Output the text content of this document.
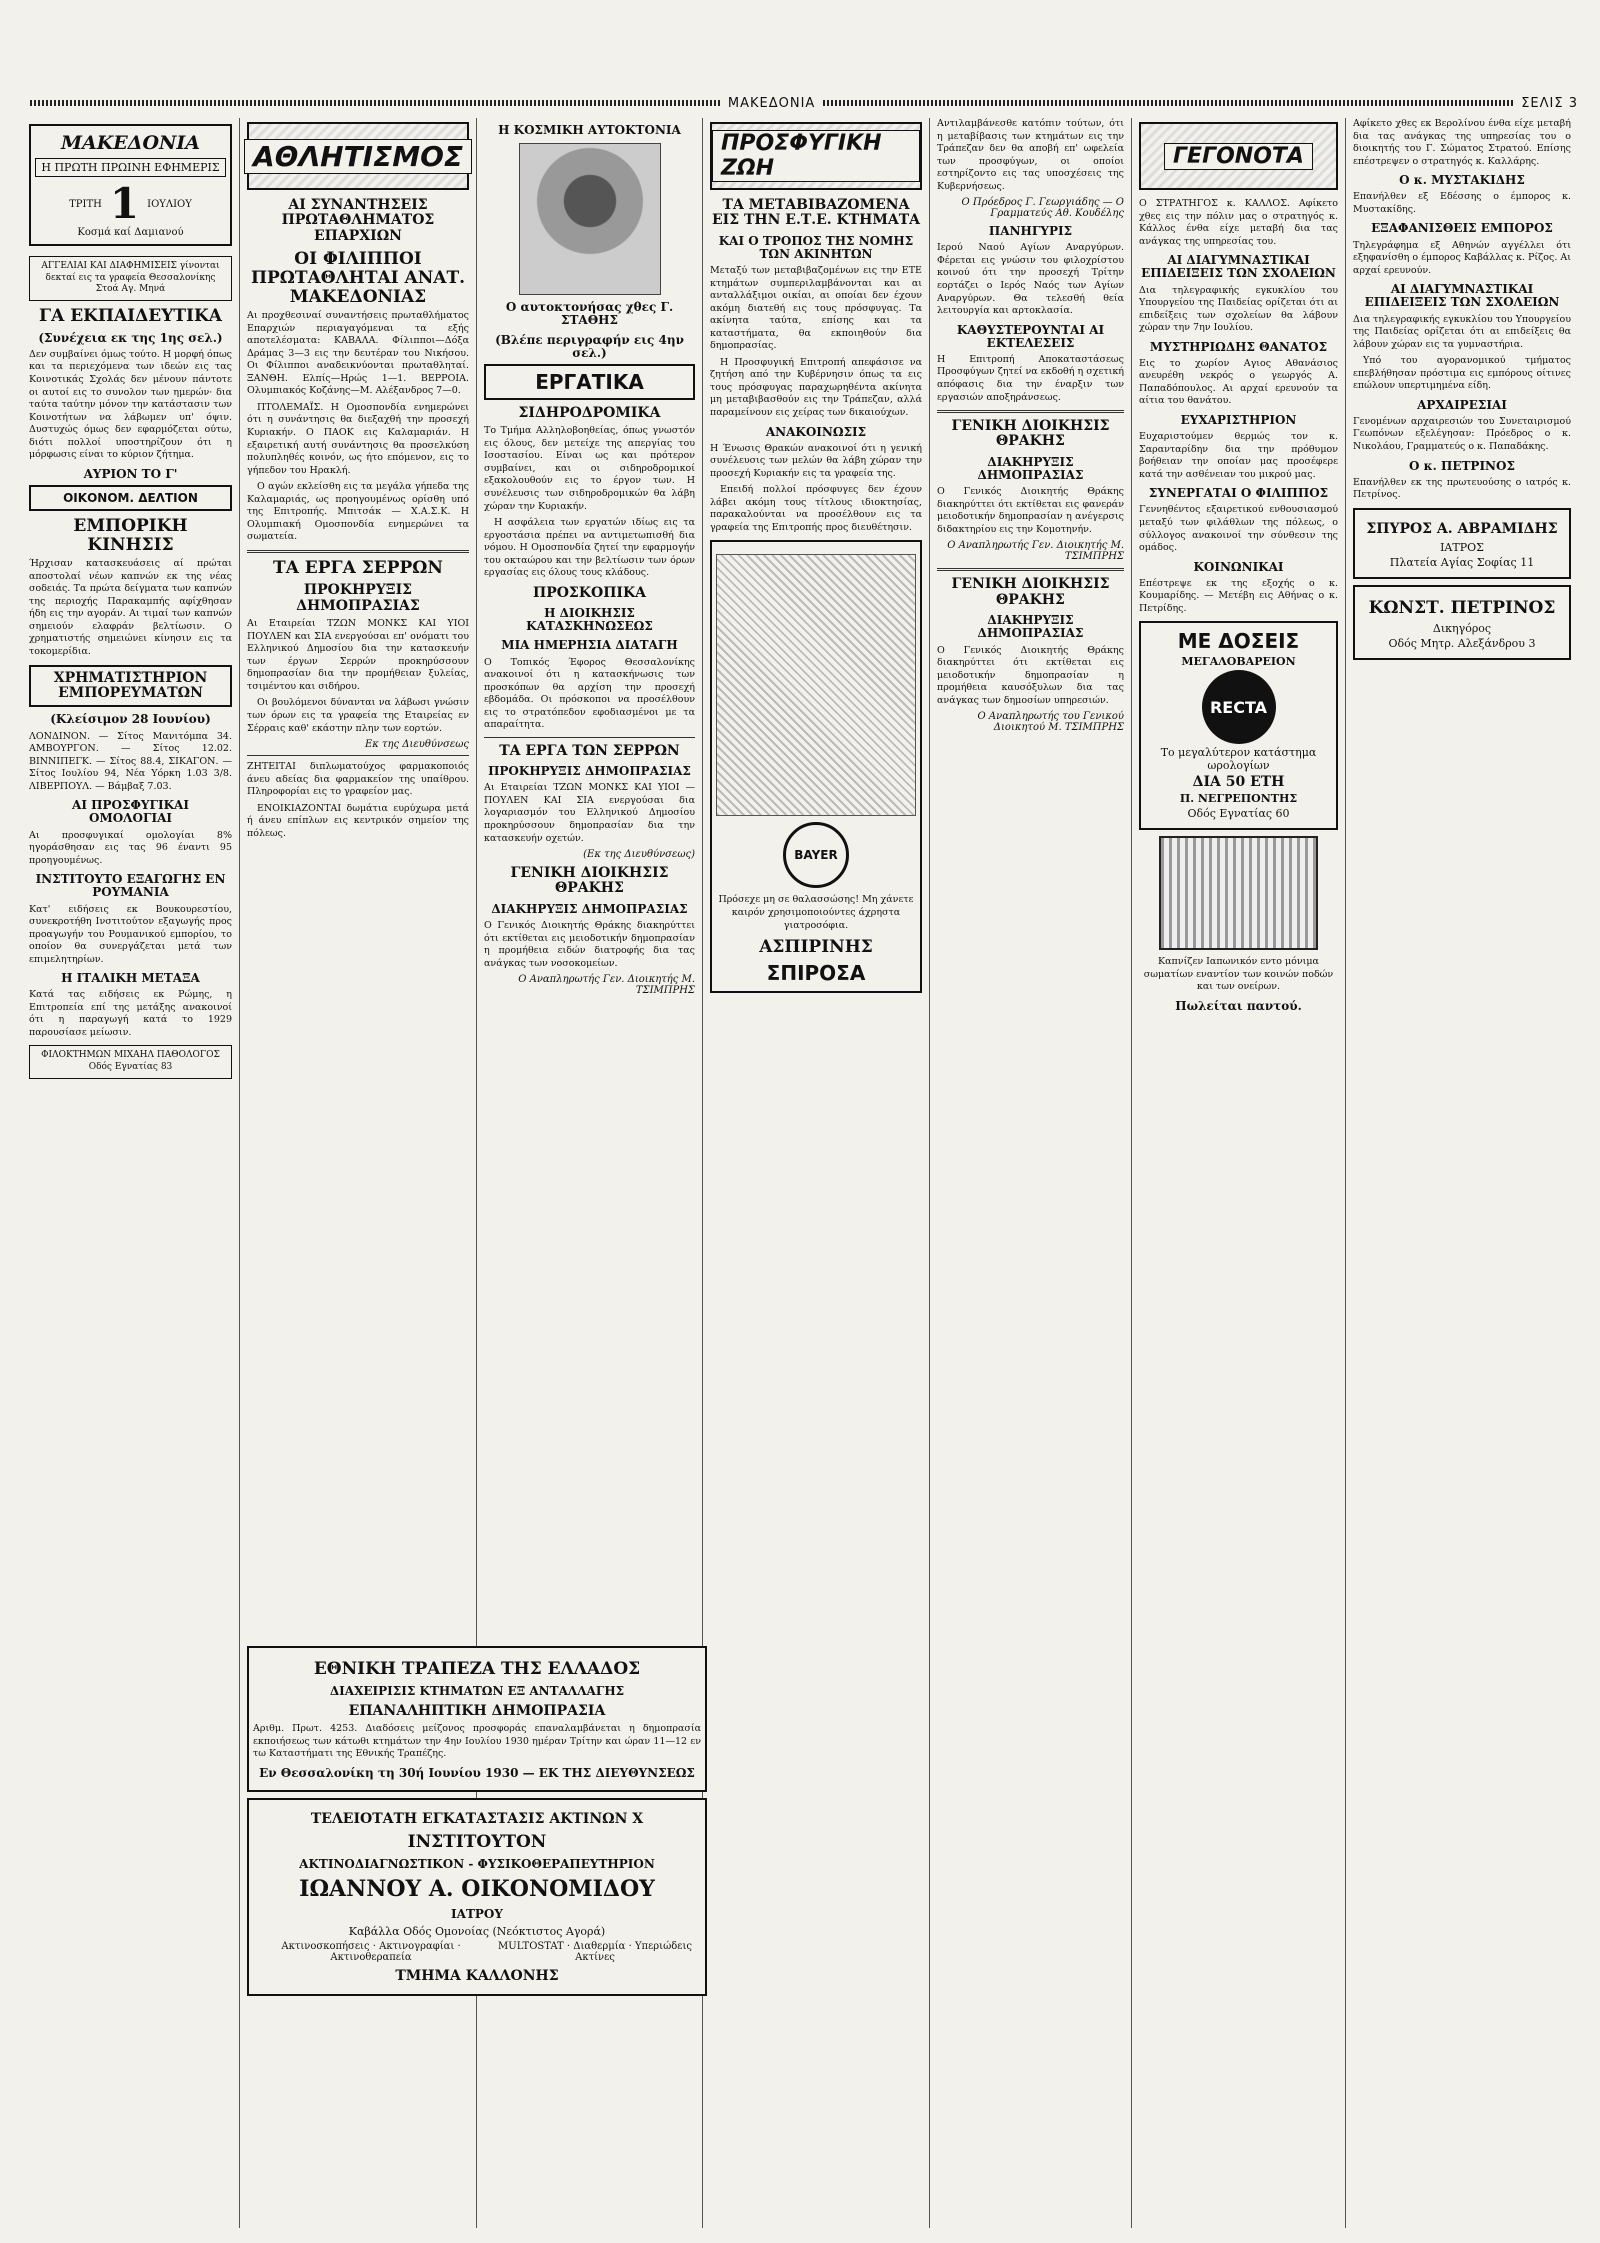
ΜΑΚΕΔΟΝΙΑ	ΣΕΛΙΣ 3
ΜΑΚΕΔΟΝΙΑ
Η ΠΡΩΤΗ ΠΡΩΙΝΗ ΕΦΗΜΕΡΙΣ
ΤΡΙΤΗ 1 ΙΟΥΛΙΟΥ
Κοσμά καί Δαμιανού
ΑΓΓΕΛΙΑΙ ΚΑΙ ΔΙΑΦΗΜΙΣΕΙΣ γίνονται δεκταί εις τα γραφεία Θεσσαλονίκης Στοά Αγ. Μηνά
ΓΑ ΕΚΠΑΙΔΕΥΤΙΚΑ
(Συνέχεια εκ της 1ης σελ.)

Δεν συμβαίνει όμως τούτο. Η μορφή όπως και τα περιεχόμενα των ιδεών εις τας Κοινοτικάς Σχολάς δεν μένουν πάντοτε οι αυτοί εις το συνολον των ημερών· δια ταύτα ταύτην μόνον την κατάστασιν των Κοινοτήτων να λάβωμεν υπ' όψιν. Δυστυχώς όμως δεν εφαρμόζεται ούτω, διότι πολλοί υποστηρίζουν ότι η μόρφωσις είναι το κύριον ζήτημα.

ΑΥΡΙΟΝ ΤΟ Γ'
ΟΙΚΟΝΟΜ. ΔΕΛΤΙΟΝ
ΕΜΠΟΡΙΚΗ ΚΙΝΗΣΙΣ

Ήρχισαν κατασκευάσεις αί πρώται αποστολαί νέων καπνών εκ της νέας σοδειάς. Τα πρώτα δείγματα των καπνών της περιοχής Παρακαμπής αφίχθησαν ήδη εις την αγοράν. Αι τιμαί των καπνών σημειούν ελαφράν βελτίωσιν. Ο χρηματιστής σημειώνει κίνησιν εις τα τοκομερίδια.

ΧΡΗΜΑΤΙΣΤΗΡΙΟΝ ΕΜΠΟΡΕΥΜΑΤΩΝ
(Κλείσιμον 28 Ιουνίου)

ΛΟΝΔΙΝΟΝ. — Σίτος Μανιτόμπα 34. ΑΜΒΟΥΡΓΟΝ. — Σίτος 12.02. ΒΙΝΝΙΠΕΓΚ. — Σίτος 88.4, ΣΙΚΑΓΟΝ. — Σίτος Ιουλίου 94, Νέα Υόρκη 1.03 3/8. ΛΙΒΕΡΠΟΥΛ. — Βάμβαξ 7.03.

ΑΙ ΠΡΟΣΦΥΓΙΚΑΙ ΟΜΟΛΟΓΙΑΙ

Αι προσφυγικαί ομολογίαι 8% ηγοράσθησαν εις τας 96 έναντι 95 προηγουμένως.

ΙΝΣΤΙΤΟΥΤΟ ΕΞΑΓΩΓΗΣ ΕΝ ΡΟΥΜΑΝΙΑ

Κατ' ειδήσεις εκ Βουκουρεστίου, συνεκροτήθη Ινστιτούτον εξαγωγής προς προαγωγήν του Ρουμανικού εμπορίου, το οποίον θα συνεργάζεται μετά των επιμελητηρίων.

Η ΙΤΑΛΙΚΗ ΜΕΤΑΞΑ

Κατά τας ειδήσεις εκ Ρώμης, η Επιτροπεία επί της μετάξης ανακοινοί ότι η παραγωγή κατά το 1929 παρουσίασε μείωσιν.

ΦΙΛΟΚΤΗΜΩΝ ΜΙΧΑΗΛ ΠΑΘΟΛΟΓΟΣ Οδός Εγνατίας 83
ΑΘΛΗΤΙΣΜΟΣ
ΑΙ ΣΥΝΑΝΤΗΣΕΙΣ ΠΡΩΤΑΘΛΗΜΑΤΟΣ ΕΠΑΡΧΙΩΝ
ΟΙ ΦΙΛΙΠΠΟΙ ΠΡΩΤΑΘΛΗΤΑΙ ΑΝΑΤ. ΜΑΚΕΔΟΝΙΑΣ

Αι προχθεσιναί συναντήσεις πρωταθλήματος Επαρχιών περιαγαγόμεναι τα εξής αποτελέσματα: ΚΑΒΑΛΑ. Φίλιπποι—Δόξα Δράμας 3—3 εις την δευτέραν του Νικήσου. Οι Φίλιπποι αναδεικνύονται πρωταθληταί. ΞΑΝΘΗ. Ελπίς—Ηρώς 1—1. ΒΕΡΡΟΙΑ. Ολυμπιακός Κοζάνης—Μ. Αλέξανδρος 7—0.

ΠΤΟΛΕΜΑΪΣ. Η Ομοσπονδία ενημερώνει ότι η συνάντησις θα διεξαχθή την προσεχή Κυριακήν. Ο ΠΑΟΚ εις Καλαμαριάν. Η εξαιρετική αυτή συνάντησις θα προσελκύση πολυπληθές κοινόν, ως ήτο επόμενον, εις το γήπεδον του Ηρακλή.

Ο αγών εκλείσθη εις τα μεγάλα γήπεδα της Καλαμαριάς, ως προηγουμένως ορίσθη υπό της Επιτροπής. Μπιτσάκ — Χ.Α.Σ.Κ. Η Ολυμπιακή Ομοσπονδία ενημερώνει τα σωματεία.

ΤΑ ΕΡΓΑ ΣΕΡΡΩΝ
ΠΡΟΚΗΡΥΞΙΣ ΔΗΜΟΠΡΑΣΙΑΣ

Αι Εταιρείαι ΤΖΩΝ ΜΟΝΚΣ ΚΑΙ ΥΙΟΙ ΠΟΥΛΕΝ και ΣΙΑ ενεργούσαι επ' ονόματι του Ελληνικού Δημοσίου δια την κατασκευήν των έργων Σερρών προκηρύσσουν δημοπρασίαν δια την προμήθειαν ξυλείας, τσιμέντου και σιδήρου.

Οι βουλόμενοι δύνανται να λάβωσι γνώσιν των όρων εις τα γραφεία της Εταιρείας εν Σέρραις καθ' εκάστην πλην των εορτών.

Εκ της Διευθύνσεως

ΖΗΤΕΙΤΑΙ διπλωματούχος φαρμακοποιός άνευ αδείας δια φαρμακείον της υπαίθρου. Πληροφορίαι εις το γραφείον μας.

ΕΝΟΙΚΙΑΖΟΝΤΑΙ δωμάτια ευρύχωρα μετά ή άνευ επίπλων εις κεντρικόν σημείον της πόλεως.

Η ΚΟΣΜΙΚΗ ΑΥΤΟΚΤΟΝΙΑ
Ο αυτοκτονήσας χθες Γ. ΣΤΑΘΗΣ
(Βλέπε περιγραφήν εις 4ην σελ.)
ΕΡΓΑΤΙΚΑ
ΣΙΔΗΡΟΔΡΟΜΙΚΑ

Το Τμήμα Αλληλοβοηθείας, όπως γνωστόν εις όλους, δεν μετείχε της απεργίας του Ισοστασίου. Είναι ως και πρότερον συμβαίνει, και οι σιδηροδρομικοί εξακολουθούν εις το έργον των. Η συνέλευσις των σιδηροδρομικών θα λάβη χώραν την Κυριακήν.

Η ασφάλεια των εργατών ιδίως εις τα εργοστάσια πρέπει να αντιμετωπισθή δια νόμου. Η Ομοσπονδία ζητεί την εφαρμογήν του οκταώρου και την βελτίωσιν των όρων εργασίας εις όλους τους κλάδους.

ΠΡΟΣΚΟΠΙΚΑ
Η ΔΙΟΙΚΗΣΙΣ ΚΑΤΑΣΚΗΝΩΣΕΩΣ
ΜΙΑ ΗΜΕΡΗΣΙΑ ΔΙΑΤΑΓΗ

Ο Τοπικός Έφορος Θεσσαλονίκης ανακοινοί ότι η κατασκήνωσις των προσκόπων θα αρχίση την προσεχή εβδομάδα. Οι πρόσκοποι να προσέλθουν εις το στρατόπεδον εφοδιασμένοι με τα απαραίτητα.

ΤΑ ΕΡΓΑ ΤΩΝ ΣΕΡΡΩΝ
ΠΡΟΚΗΡΥΞΙΣ ΔΗΜΟΠΡΑΣΙΑΣ

Αι Εταιρείαι ΤΖΩΝ ΜΟΝΚΣ ΚΑΙ ΥΙΟΙ — ΠΟΥΛΕΝ ΚΑΙ ΣΙΑ ενεργούσαι δια λογαριασμόν του Ελληνικού Δημοσίου προκηρύσσουν δημοπρασίαν δια την κατασκευήν οχετών.

(Εκ της Διευθύνσεως)
ΓΕΝΙΚΗ ΔΙΟΙΚΗΣΙΣ ΘΡΑΚΗΣ
ΔΙΑΚΗΡΥΞΙΣ ΔΗΜΟΠΡΑΣΙΑΣ

Ο Γενικός Διοικητής Θράκης διακηρύττει ότι εκτίθεται εις μειοδοτικήν δημοπρασίαν η προμήθεια ειδών διατροφής δια τας ανάγκας των νοσοκομείων.

Ο Αναπληρωτής Γεν. Διοικητής Μ. ΤΣΙΜΠΡΗΣ
ΠΡΟΣΦΥΓΙΚΗ ΖΩΗ
ΤΑ ΜΕΤΑΒΙΒΑΖΟΜΕΝΑ ΕΙΣ ΤΗΝ Ε.Τ.Ε. ΚΤΗΜΑΤΑ
ΚΑΙ Ο ΤΡΟΠΟΣ ΤΗΣ ΝΟΜΗΣ ΤΩΝ ΑΚΙΝΗΤΩΝ

Μεταξύ των μεταβιβαζομένων εις την ΕΤΕ κτημάτων συμπεριλαμβάνονται και αι ανταλλάξιμοι οικίαι, αι οποίαι δεν έχουν ακόμη διατεθή εις τους πρόσφυγας. Τα ακίνητα ταύτα, επίσης και τα καταστήματα, θα εκποιηθούν δια δημοπρασίας.

Η Προσφυγική Επιτροπή απεφάσισε να ζητήση από την Κυβέρνησιν όπως τα εις τους πρόσφυγας παραχωρηθέντα ακίνητα μη μεταβιβασθούν εις την Τράπεζαν, αλλά παραμείνουν εις χείρας των δικαιούχων.

ΑΝΑΚΟΙΝΩΣΙΣ

Η Ένωσις Θρακών ανακοινοί ότι η γενική συνέλευσις των μελών θα λάβη χώραν την προσεχή Κυριακήν εις τα γραφεία της.

Επειδή πολλοί πρόσφυγες δεν έχουν λάβει ακόμη τους τίτλους ιδιοκτησίας, παρακαλούνται να προσέλθουν εις τα γραφεία της Επιτροπής προς διευθέτησιν.

BAYER

Πρόσεχε μη σε θαλασσώσης! Μη χάνετε καιρόν χρησιμοποιούντες άχρηστα γιατροσόφια.

ΑΣΠΙΡΙΝΗΣ
ΣΠΙΡΟΣΑ

Αντιλαμβάνεσθε κατόπιν τούτων, ότι η μεταβίβασις των κτημάτων εις την Τράπεζαν δεν θα αποβή επ' ωφελεία των προσφύγων, οι οποίοι εστηρίζοντο εις τας υποσχέσεις της Κυβερνήσεως.

Ο Πρόεδρος Γ. Γεωργιάδης — Ο Γραμματεύς Αθ. Κουδέλης
ΠΑΝΗΓΥΡΙΣ

Ιερού Ναού Αγίων Αναργύρων. Φέρεται εις γνώσιν του φιλοχρίστου κοινού ότι την προσεχή Τρίτην εορτάζει ο Ιερός Ναός των Αγίων Αναργύρων. Θα τελεσθή θεία λειτουργία και αρτοκλασία.

ΚΑΘΥΣΤΕΡΟΥΝΤΑΙ ΑΙ ΕΚΤΕΛΕΣΕΙΣ

Η Επιτροπή Αποκαταστάσεως Προσφύγων ζητεί να εκδοθή η σχετική απόφασις δια την έναρξιν των εργασιών αποξηράνσεως.

ΓΕΝΙΚΗ ΔΙΟΙΚΗΣΙΣ ΘΡΑΚΗΣ
ΔΙΑΚΗΡΥΞΙΣ ΔΗΜΟΠΡΑΣΙΑΣ

Ο Γενικός Διοικητής Θράκης διακηρύττει ότι εκτίθεται εις φανεράν μειοδοτικήν δημοπρασίαν η ανέγερσις διδακτηρίου εις την Κομοτηνήν.

Ο Αναπληρωτής Γεν. Διοικητής Μ. ΤΣΙΜΠΡΗΣ
ΓΕΝΙΚΗ ΔΙΟΙΚΗΣΙΣ ΘΡΑΚΗΣ
ΔΙΑΚΗΡΥΞΙΣ ΔΗΜΟΠΡΑΣΙΑΣ

Ο Γενικός Διοικητής Θράκης διακηρύττει ότι εκτίθεται εις μειοδοτικήν δημοπρασίαν η προμήθεια καυσόξυλων δια τας ανάγκας των δημοσίων υπηρεσιών.

Ο Αναπληρωτής του Γενικού Διοικητού Μ. ΤΣΙΜΠΡΗΣ
ΓΕΓΟΝΟΤΑ

Ο ΣΤΡΑΤΗΓΟΣ κ. ΚΑΛΛΟΣ. Αφίκετο χθες εις την πόλιν μας ο στρατηγός κ. Κάλλος ένθα είχε μεταβή δια τας ανάγκας της υπηρεσίας του.

ΑΙ ΔΙΑΓΥΜΝΑΣΤΙΚΑΙ ΕΠΙΔΕΙΞΕΙΣ ΤΩΝ ΣΧΟΛΕΙΩΝ

Δια τηλεγραφικής εγκυκλίου του Υπουργείου της Παιδείας ορίζεται ότι αι επιδείξεις των σχολείων θα λάβουν χώραν την 7ην Ιουλίου.

ΜΥΣΤΗΡΙΩΔΗΣ ΘΑΝΑΤΟΣ

Εις το χωρίον Αγιος Αθανάσιος ανευρέθη νεκρός ο γεωργός Α. Παπαδόπουλος. Αι αρχαί ερευνούν τα αίτια του θανάτου.

ΕΥΧΑΡΙΣΤΗΡΙΟΝ

Ευχαριστούμεν θερμώς τον κ. Σαρανταρίδην δια την πρόθυμον βοήθειαν την οποίαν μας προσέφερε κατά την ασθένειαν του μικρού μας.

ΣΥΝΕΡΓΑΤΑΙ Ο ΦΙΛΙΠΠΟΣ

Γεννηθέντος εξαιρετικού ενθουσιασμού μεταξύ των φιλάθλων της πόλεως, ο σύλλογος ανακοινοί την σύνθεσιν της ομάδος.

ΚΟΙΝΩΝΙΚΑΙ

Επέστρεψε εκ της εξοχής ο κ. Κουμαρίδης. — Μετέβη εις Αθήνας ο κ. Πετρίδης.

ΜΕ ΔΟΣΕΙΣ
ΜΕΓΑΛΟΒΑΡΕΙΟΝ
RECTA
Το μεγαλύτερον κατάστημα ωρολογίων
ΔΙΑ 50 ΕΤΗ
Π. ΝΕΓΡΕΠΟΝΤΗΣ
Οδός Εγνατίας 60

Καπνίζεν Ιαπωνικόν εντο μόνιμα σωματίων εναντίον των κοινών ποδών και των ονείρων.

Πωλείται παντού.

Αφίκετο χθες εκ Βερολίνου ένθα είχε μεταβή δια τας ανάγκας της υπηρεσίας του ο διοικητής του Γ. Σώματος Στρατού. Επίσης επέστρεψεν ο στρατηγός κ. Καλλάρης.

Ο κ. ΜΥΣΤΑΚΙΔΗΣ

Επανήλθεν εξ Εδέσσης ο έμπορος κ. Μυστακίδης.

ΕΞΑΦΑΝΙΣΘΕΙΣ ΕΜΠΟΡΟΣ

Τηλεγράφημα εξ Αθηνών αγγέλλει ότι εξηφανίσθη ο έμπορος Καβάλλας κ. Ρίζος. Αι αρχαί ερευνούν.

ΑΙ ΔΙΑΓΥΜΝΑΣΤΙΚΑΙ ΕΠΙΔΕΙΞΕΙΣ ΤΩΝ ΣΧΟΛΕΙΩΝ

Δια τηλεγραφικής εγκυκλίου του Υπουργείου της Παιδείας ορίζεται ότι αι επιδείξεις θα λάβουν χώραν εις τα γυμναστήρια.

Υπό του αγορανομικού τμήματος επεβλήθησαν πρόστιμα εις εμπόρους οίτινες επώλουν υπερτιμημένα είδη.

ΑΡΧΑΙΡΕΣΙΑΙ

Γενομένων αρχαιρεσιών του Συνεταιρισμού Γεωπόνων εξελέγησαν: Πρόεδρος ο κ. Νικολάου, Γραμματεύς ο κ. Παπαδάκης.

Ο κ. ΠΕΤΡΙΝΟΣ

Επανήλθεν εκ της πρωτευούσης ο ιατρός κ. Πετρίνος.

ΣΠΥΡΟΣ Α. ΑΒΡΑΜΙΔΗΣ
ΙΑΤΡΟΣ
Πλατεία Αγίας Σοφίας 11
ΚΩΝΣΤ. ΠΕΤΡΙΝΟΣ
Δικηγόρος
Οδός Μητρ. Αλεξάνδρου 3
ΕΘΝΙΚΗ ΤΡΑΠΕΖΑ ΤΗΣ ΕΛΛΑΔΟΣ
ΔΙΑΧΕΙΡΙΣΙΣ ΚΤΗΜΑΤΩΝ ΕΞ ΑΝΤΑΛΛΑΓΗΣ
ΕΠΑΝΑΛΗΠΤΙΚΗ ΔΗΜΟΠΡΑΣΙΑ

Αριθμ. Πρωτ. 4253. Διαδόσεις μείζονος προσφοράς επαναλαμβάνεται η δημοπρασία εκποιήσεως των κάτωθι κτημάτων την 4ην Ιουλίου 1930 ημέραν Τρίτην και ώραν 11—12 εν τω Καταστήματι της Εθνικής Τραπέζης.

Εν Θεσσαλονίκη τη 30ή Ιουνίου 1930 — ΕΚ ΤΗΣ ΔΙΕΥΘΥΝΣΕΩΣ
ΤΕΛΕΙΟΤΑΤΗ ΕΓΚΑΤΑΣΤΑΣΙΣ ΑΚΤΙΝΩΝ Χ
ΙΝΣΤΙΤΟΥΤΟΝ
ΑΚΤΙΝΟΔΙΑΓΝΩΣΤΙΚΟΝ - ΦΥΣΙΚΟΘΕΡΑΠΕΥΤΗΡΙΟΝ
ΙΩΑΝΝΟΥ Α. ΟΙΚΟΝΟΜΙΔΟΥ
ΙΑΤΡΟΥ
Καβάλλα Οδός Ομονοίας (Νεόκτιστος Αγορά)
Ακτινοσκοπήσεις · Ακτινογραφίαι · Ακτινοθεραπεία
MULTOSTAT · Διαθερμία · Υπεριώδεις Ακτίνες
ΤΜΗΜΑ ΚΑΛΛΟΝΗΣ
